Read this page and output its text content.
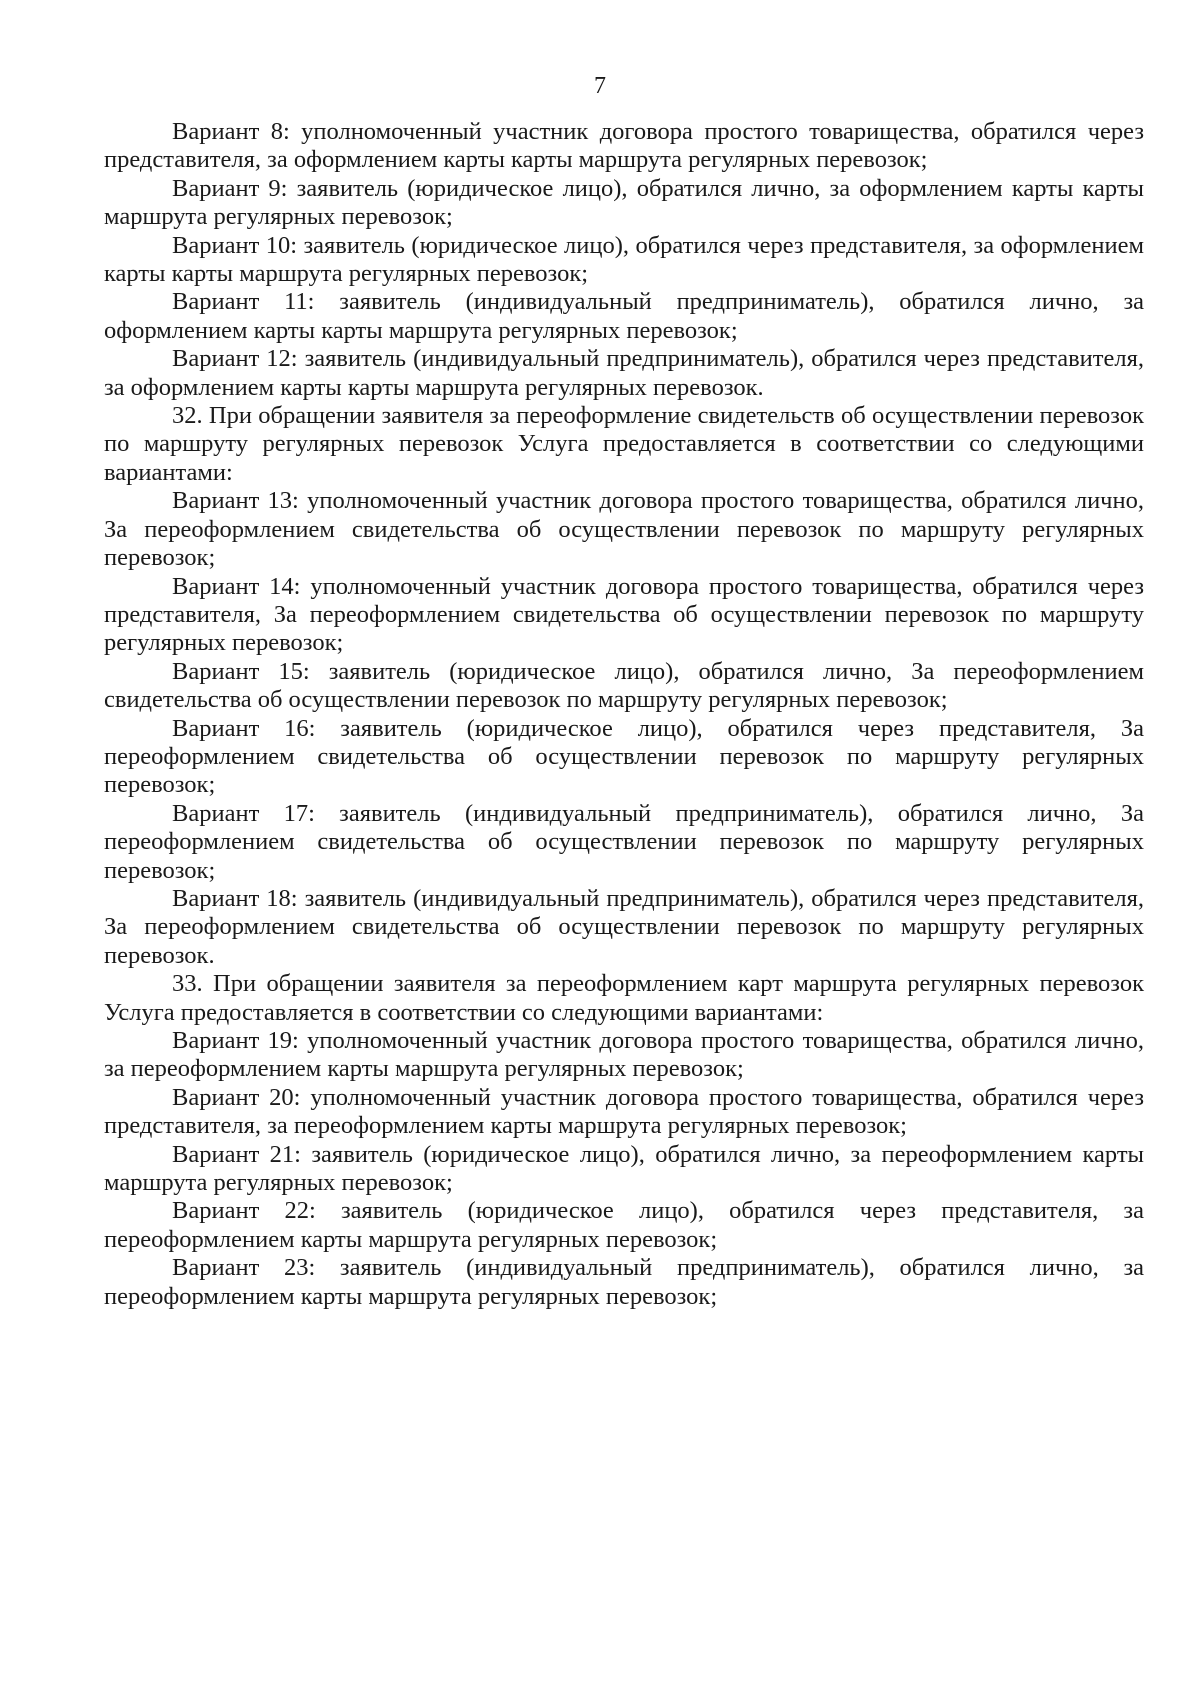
7

Вариант 8: уполномоченный участник договора простого товарищества, обратился через представителя, за оформлением карты карты маршрута регулярных перевозок;

Вариант 9: заявитель (юридическое лицо), обратился лично, за оформлением карты карты маршрута регулярных перевозок;

Вариант 10: заявитель (юридическое лицо), обратился через представителя, за оформлением карты карты маршрута регулярных перевозок;

Вариант 11: заявитель (индивидуальный предприниматель), обратился лично, за оформлением карты карты маршрута регулярных перевозок;

Вариант 12: заявитель (индивидуальный предприниматель), обратился через представителя, за оформлением карты карты маршрута регулярных перевозок.

32. При обращении заявителя за переоформление свидетельств об осуществлении перевозок по маршруту регулярных перевозок Услуга предоставляется в соответствии со следующими вариантами:

Вариант 13: уполномоченный участник договора простого товарищества, обратился лично, За переоформлением свидетельства об осуществлении перевозок по маршруту регулярных перевозок;

Вариант 14: уполномоченный участник договора простого товарищества, обратился через представителя, За переоформлением свидетельства об осуществлении перевозок по маршруту регулярных перевозок;

Вариант 15: заявитель (юридическое лицо), обратился лично, За переоформлением свидетельства об осуществлении перевозок по маршруту регулярных перевозок;

Вариант 16: заявитель (юридическое лицо), обратился через представителя, За переоформлением свидетельства об осуществлении перевозок по маршруту регулярных перевозок;

Вариант 17: заявитель (индивидуальный предприниматель), обратился лично, За переоформлением свидетельства об осуществлении перевозок по маршруту регулярных перевозок;

Вариант 18: заявитель (индивидуальный предприниматель), обратился через представителя, За переоформлением свидетельства об осуществлении перевозок по маршруту регулярных перевозок.

33. При обращении заявителя за переоформлением карт маршрута регулярных перевозок Услуга предоставляется в соответствии со следующими вариантами:

Вариант 19: уполномоченный участник договора простого товарищества, обратился лично, за переоформлением карты маршрута регулярных перевозок;

Вариант 20: уполномоченный участник договора простого товарищества, обратился через представителя, за переоформлением карты маршрута регулярных перевозок;

Вариант 21: заявитель (юридическое лицо), обратился лично, за переоформлением карты маршрута регулярных перевозок;

Вариант 22: заявитель (юридическое лицо), обратился через представителя, за переоформлением карты маршрута регулярных перевозок;

Вариант 23: заявитель (индивидуальный предприниматель), обратился лично, за переоформлением карты маршрута регулярных перевозок;
